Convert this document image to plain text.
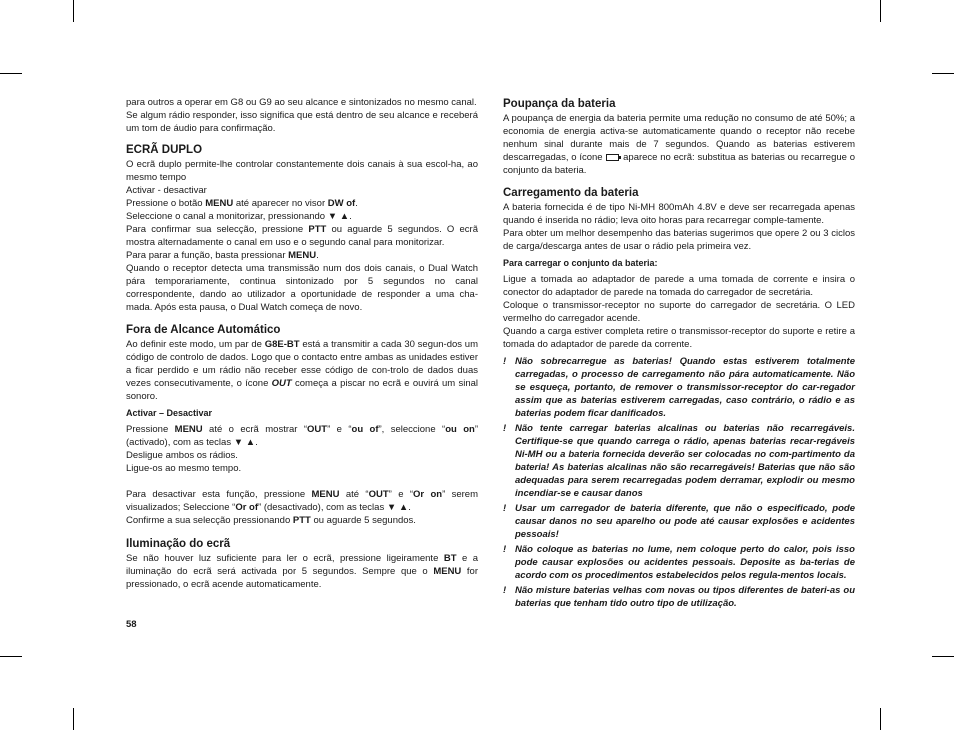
para outros a operar em G8 ou G9 ao seu alcance e sintonizados no mesmo canal.

Se algum rádio responder, isso significa que está dentro de seu alcance e receberá um tom de áudio para confirmação.

ECRÃ DUPLO

O ecrã duplo permite-lhe controlar constantemente dois canais à sua escol-ha, ao mesmo tempo

Activar - desactivar

Pressione o botão MENU até aparecer no visor DW of.

Seleccione o canal a monitorizar, pressionando ▼ ▲.

Para confirmar sua selecção, pressione PTT ou aguarde 5 segundos. O ecrã mostra alternadamente o canal em uso e o segundo canal para monitorizar.

Para parar a função, basta pressionar MENU.

Quando o receptor detecta uma transmissão num dos dois canais, o Dual Watch pára temporariamente, continua sintonizado por 5 segundos no canal correspondente, dando ao utilizador a oportunidade de responder a uma cha-mada. Após esta pausa, o Dual Watch começa de novo.

Fora de Alcance Automático

Ao definir este modo, um par de G8E-BT está a transmitir a cada 30 segun-dos um código de controlo de dados. Logo que o contacto entre ambas as unidades estiver a ficar perdido e um rádio não receber esse código de con-trolo de dados duas vezes consecutivamente, o ícone OUT começa a piscar no ecrã e ouvirá um sinal sonoro.

Activar – Desactivar

Pressione MENU até o ecrã mostrar “OUT” e “ou of”, seleccione “ou on” (activado), com as teclas ▼ ▲.

Desligue ambos os rádios.

Ligue-os ao mesmo tempo.

Para desactivar esta função, pressione MENU até “OUT” e “Or on” serem visualizados; Seleccione “Or of” (desactivado), com as teclas ▼ ▲.

Confirme a sua selecção pressionando PTT ou aguarde 5 segundos.

Iluminação do ecrã

Se não houver luz suficiente para ler o ecrã, pressione ligeiramente BT e a iluminação do ecrã será activada por 5 segundos. Sempre que o MENU for pressionado, o ecrã acende automaticamente.

Poupança da bateria

A poupança de energia da bateria permite uma redução no consumo de até 50%; a economia de energia activa-se automaticamente quando o receptor não recebe nenhum sinal durante mais de 7 segundos. Quando as baterias estiverem descarregadas, o ícone aparece no ecrã: substitua as baterias ou recarregue o conjunto da bateria.

Carregamento da bateria

A bateria fornecida é de tipo Ni-MH 800mAh 4.8V e deve ser recarregada apenas quando é inserida no rádio; leva oito horas para recarregar comple-tamente.

Para obter um melhor desempenho das baterias sugerimos que opere 2 ou 3 ciclos de carga/descarga antes de usar o rádio pela primeira vez.

Para carregar o conjunto da bateria:

Ligue a tomada ao adaptador de parede a uma tomada de corrente e insira o conector do adaptador de parede na tomada do carregador de secretária.

Coloque o transmissor-receptor no suporte do carregador de secretária. O LED vermelho do carregador acende.

Quando a carga estiver completa retire o transmissor-receptor do suporte e retire a tomada do adaptador de parede da corrente.

! Não sobrecarregue as baterias! Quando estas estiverem totalmente carregadas, o processo de carregamento não pára automaticamente. Não se esqueça, portanto, de remover o transmissor-receptor do car-regador assim que as baterias estiverem carregadas, caso contrário, o rádio e as baterias podem ficar danificados.
! Não tente carregar baterias alcalinas ou baterias não recarregáveis. Certifique-se que quando carrega o rádio, apenas baterias recar-regáveis Ni-MH ou a bateria fornecida deverão ser colocadas no com-partimento da bateria! As baterias alcalinas não são recarregáveis! Baterias que não são adequadas para serem recarregadas podem derramar, explodir ou mesmo incendiar-se e causar danos
! Usar um carregador de bateria diferente, que não o especificado, pode causar danos no seu aparelho ou pode até causar explosões e acidentes pessoais!
! Não coloque as baterias no lume, nem coloque perto do calor, pois isso pode causar explosões ou acidentes pessoais. Deposite as ba-terias de acordo com os procedimentos estabelecidos pelos regula-mentos locais.
! Não misture baterias velhas com novas ou tipos diferentes de bateri-as ou baterias que tenham tido outro tipo de utilização.
58
